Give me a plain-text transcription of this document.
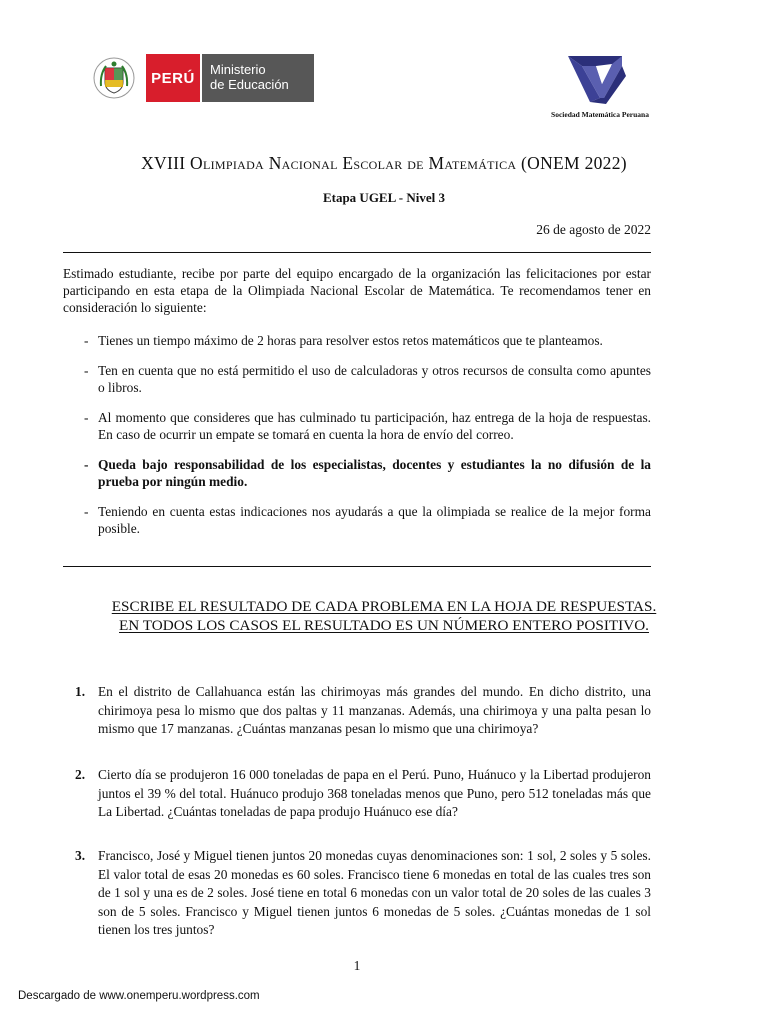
PERÚ	Ministerio
de Educación
Sociedad Matemática Peruana
XVIII Olimpiada Nacional Escolar de Matemática (ONEM 2022)
Etapa UGEL - Nivel 3
26 de agosto de 2022
Estimado estudiante, recibe por parte del equipo encargado de la organización las felicitaciones por estar participando en esta etapa de la Olimpiada Nacional Escolar de Matemática. Te recomendamos tener en consideración lo siguiente:
- Tienes un tiempo máximo de 2 horas para resolver estos retos matemáticos que te planteamos.
- Ten en cuenta que no está permitido el uso de calculadoras y otros recursos de consulta como apuntes o libros.
- Al momento que consideres que has culminado tu participación, haz entrega de la hoja de respuestas. En caso de ocurrir un empate se tomará en cuenta la hora de envío del correo.
- Queda bajo responsabilidad de los especialistas, docentes y estudiantes la no difusión de la prueba por ningún medio.
- Teniendo en cuenta estas indicaciones nos ayudarás a que la olimpiada se realice de la mejor forma posible.
ESCRIBE EL RESULTADO DE CADA PROBLEMA EN LA HOJA DE RESPUESTAS.
EN TODOS LOS CASOS EL RESULTADO ES UN NÚMERO ENTERO POSITIVO.
1. En el distrito de Callahuanca están las chirimoyas más grandes del mundo. En dicho distrito, una chirimoya pesa lo mismo que dos paltas y 11 manzanas. Además, una chirimoya y una palta pesan lo mismo que 17 manzanas. ¿Cuántas manzanas pesan lo mismo que una chirimoya?
2. Cierto día se produjeron 16 000 toneladas de papa en el Perú. Puno, Huánuco y la Libertad produjeron juntos el 39 % del total. Huánuco produjo 368 toneladas menos que Puno, pero 512 toneladas más que La Libertad. ¿Cuántas toneladas de papa produjo Huánuco ese día?
3. Francisco, José y Miguel tienen juntos 20 monedas cuyas denominaciones son: 1 sol, 2 soles y 5 soles. El valor total de esas 20 monedas es 60 soles. Francisco tiene 6 monedas en total de las cuales tres son de 1 sol y una es de 2 soles. José tiene en total 6 monedas con un valor total de 20 soles de las cuales 3 son de 5 soles. Francisco y Miguel tienen juntos 6 monedas de 5 soles. ¿Cuántas monedas de 1 sol tienen los tres juntos?
1
Descargado de www.onemperu.wordpress.com
